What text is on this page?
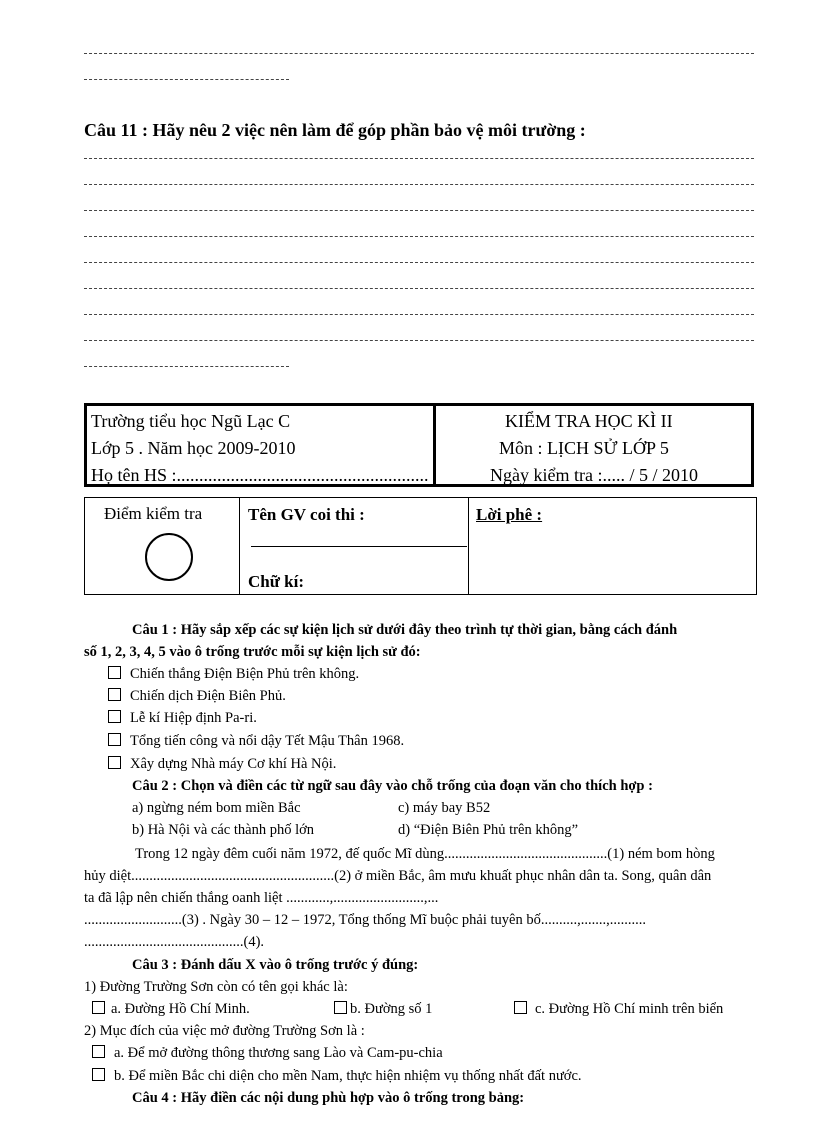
Câu 11 : Hãy nêu 2 việc nên làm để góp phần bảo vệ môi trường :
Trường tiểu học Ngũ Lạc C
Lớp 5 . Năm học 2009-2010
Họ tên HS :........................................................
KIỂM TRA HỌC KÌ II
Môn : LỊCH SỬ LỚP 5
Ngày kiểm tra :..... / 5 / 2010
Điểm kiểm tra	Tên GV coi thi :
Chữ kí:
Lời phê :
Câu 1 : Hãy sắp xếp các sự kiện lịch sử dưới đây theo trình tự thời gian, bằng cách đánh
số 1, 2, 3, 4, 5 vào ô trống trước mỗi sự kiện lịch sử đó:
Chiến thắng Điện Biện Phủ trên không.
Chiến dịch Điện Biên Phủ.
Lễ kí Hiệp định Pa-ri.
Tổng tiến công và nổi dậy Tết Mậu Thân 1968.
Xây dựng Nhà máy Cơ khí Hà Nội.
Câu 2 : Chọn và điền các từ ngữ sau đây vào chỗ trống của đoạn văn cho thích hợp :
a) ngừng ném bom miền Bắc	c) máy bay B52
b) Hà Nội và các thành phố lớn	d) “Điện Biên Phủ trên không”
Trong 12 ngày đêm cuối năm 1972, đế quốc Mĩ dùng.............................................(1) ném bom hòng
hủy diệt........................................................(2) ở miền Bắc, âm mưu khuất phục nhân dân ta. Song, quân dân
ta đã lập nên chiến thắng oanh liệt ............,.........................,...
...........................(3) . Ngày 30 – 12 – 1972, Tổng thống Mĩ buộc phải tuyên bố..........,.......,..........
............................................(4).
Câu 3 : Đánh dấu X vào ô trống trước ý đúng:
1) Đường Trường Sơn còn có tên gọi khác là:
a. Đường Hồ Chí Minh.	b. Đường số 1	c. Đường Hồ Chí minh trên biển
2) Mục đích của việc mở đường Trường Sơn là :
a. Để mở đường thông thương sang Lào và Cam-pu-chia
b. Để miền Bắc chi diện cho mền Nam, thực hiện nhiệm vụ thống nhất đất nước.
Câu 4 : Hãy điền các nội dung phù hợp vào ô trống trong bảng:
